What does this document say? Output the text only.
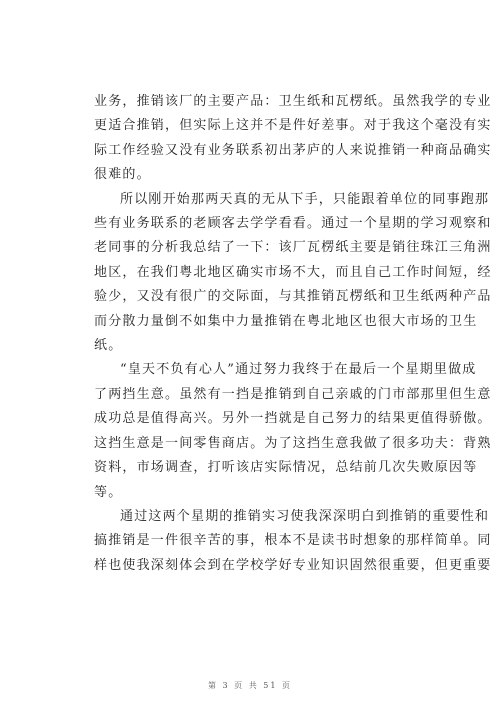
业务，推销该厂的主要产品：卫生纸和瓦楞纸。虽然我学的专业
更适合推销，但实际上这并不是件好差事。对于我这个毫没有实
际工作经验又没有业务联系初出茅庐的人来说推销一种商品确实
很难的。

所以刚开始那两天真的无从下手，只能跟着单位的同事跑那
些有业务联系的老顾客去学学看看。通过一个星期的学习观察和
老同事的分析我总结了一下：该厂瓦楞纸主要是销往珠江三角洲
地区，在我们粤北地区确实市场不大，而且自己工作时间短，经
验少，又没有很广的交际面，与其推销瓦楞纸和卫生纸两种产品
而分散力量倒不如集中力量推销在粤北地区也很大市场的卫生
纸。

“皇天不负有心人”通过努力我终于在最后一个星期里做成
了两挡生意。虽然有一挡是推销到自己亲戚的门市部那里但生意
成功总是值得高兴。另外一挡就是自己努力的结果更值得骄傲。
这挡生意是一间零售商店。为了这挡生意我做了很多功夫：背熟
资料，市场调查，打听该店实际情况，总结前几次失败原因等
等。

通过这两个星期的推销实习使我深深明白到推销的重要性和
搞推销是一件很辛苦的事，根本不是读书时想象的那样简单。同
样也使我深刻体会到在学校学好专业知识固然很重要，但更重要

第 3 页 共 51 页
